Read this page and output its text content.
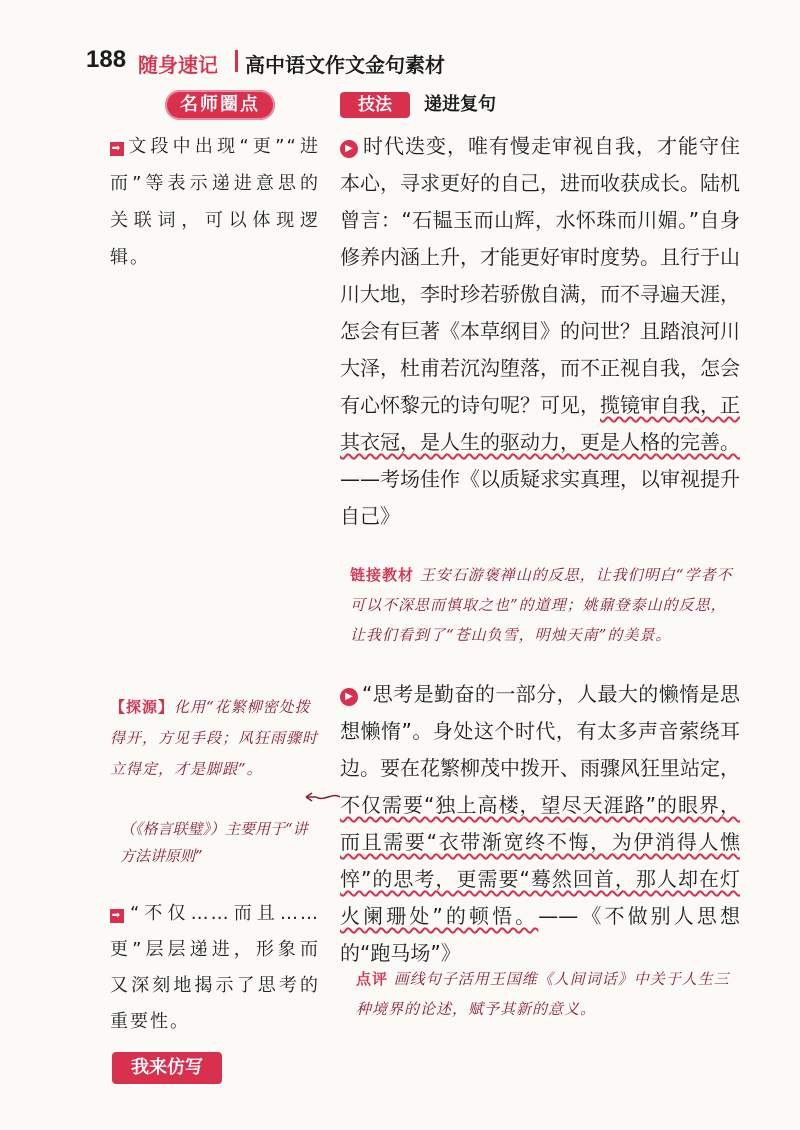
188 随身速记 高中语文作文金句素材
名师圈点
➡ 文段中出现“更”“进而”等表示递进意思的关联词，可以体现逻辑。
【探源】化用“花繁柳密处拨得开，方见手段；风狂雨骤时立得定，才是脚跟”。
（《格言联璧》）主要用于“讲方法讲原则”
➡ “不仅……而且……更”层层递进，形象而又深刻地揭示了思考的重要性。
我来仿写
技法	递进复句
▶ 时代迭变，唯有慢走审视自我，才能守住本心，寻求更好的自己，进而收获成长。陆机曾言：“石韫玉而山辉，水怀珠而川媚。”自身修养内涵上升，才能更好审时度势。且行于山川大地，李时珍若骄傲自满，而不寻遍天涯，怎会有巨著《本草纲目》的问世？且踏浪河川大泽，杜甫若沉沟堕落，而不正视自我，怎会有心怀黎元的诗句呢？可见，揽镜审自我，正其衣冠，是人生的驱动力，更是人格的完善。——考场佳作《以质疑求实真理，以审视提升自己》
链接教材 王安石游褒禅山的反思，让我们明白“学者不可以不深思而慎取之也”的道理；姚鼐登泰山的反思，让我们看到了“苍山负雪，明烛天南”的美景。
▶ “思考是勤奋的一部分，人最大的懒惰是思想懒惰”。身处这个时代，有太多声音萦绕耳边。要在花繁柳茂中拨开、雨骤风狂里站定，不仅需要“独上高楼，望尽天涯路”的眼界，而且需要“衣带渐宽终不悔，为伊消得人憔悴”的思考，更需要“蓦然回首，那人却在灯火阑珊处”的顿悟。——《不做别人思想的“跑马场”》
点评 画线句子活用王国维《人间词话》中关于人生三种境界的论述，赋予其新的意义。
